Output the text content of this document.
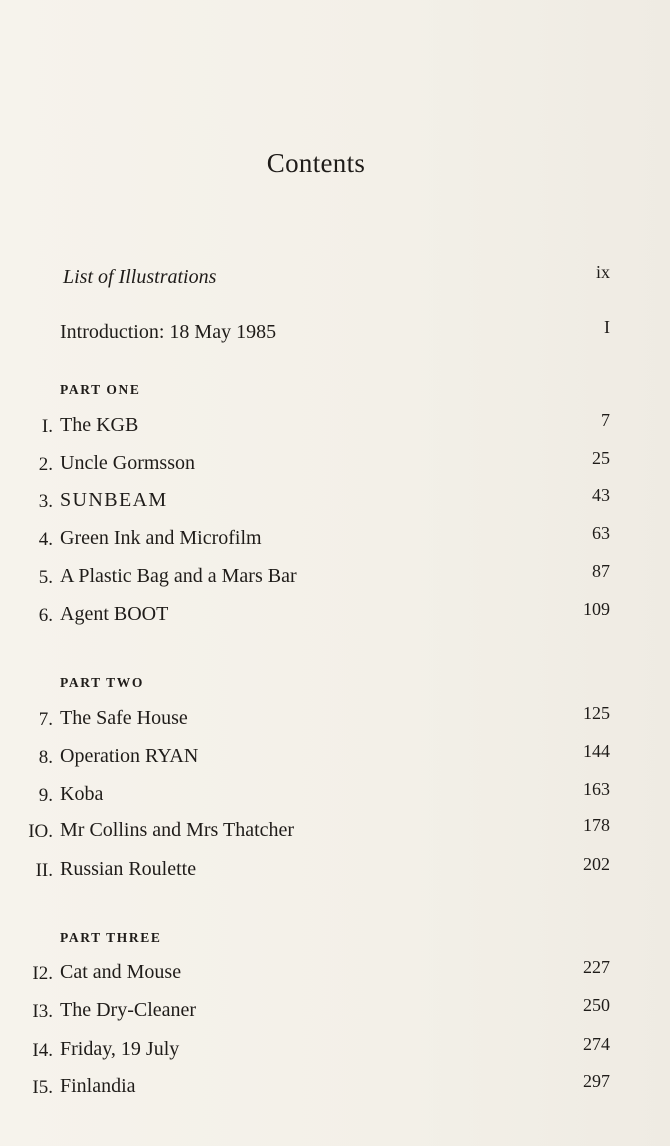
Contents
List of Illustrations	ix
Introduction: 18 May 1985	I
PART ONE
I. The KGB	7
2. Uncle Gormsson	25
3. SUNBEAM	43
4. Green Ink and Microfilm	63
5. A Plastic Bag and a Mars Bar	87
6. Agent BOOT	109
PART TWO
7. The Safe House	125
8. Operation RYAN	144
9. Koba	163
IO. Mr Collins and Mrs Thatcher	178
II. Russian Roulette	202
PART THREE
I2. Cat and Mouse	227
I3. The Dry-Cleaner	250
I4. Friday, 19 July	274
I5. Finlandia	297
